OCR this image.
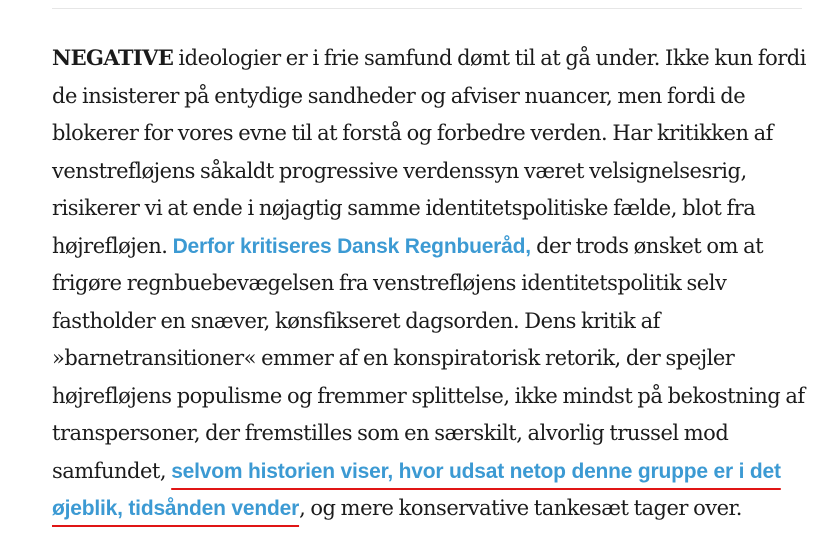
NEGATIVE ideologier er i frie samfund dømt til at gå under. Ikke kun fordi de insisterer på entydige sandheder og afviser nuancer, men fordi de blokerer for vores evne til at forstå og forbedre verden. Har kritikken af venstrefløjens såkaldt progressive verdenssyn været velsignelsesrig, risikerer vi at ende i nøjagtig samme identitetspolitiske fælde, blot fra højrefløjen. Derfor kritiseres Dansk Regnbueråd, der trods ønsket om at frigøre regnbuebevægelsen fra venstrefløjens identitetspolitik selv fastholder en snæver, kønsfikseret dagsorden. Dens kritik af »barnetransitioner« emmer af en konspiratorisk retorik, der spejler højrefløjens populisme og fremmer splittelse, ikke mindst på bekostning af transpersoner, der fremstilles som en særskilt, alvorlig trussel mod samfundet, selvom historien viser, hvor udsat netop denne gruppe er i det øjeblik, tidsånden vender, og mere konservative tankesæt tager over.
